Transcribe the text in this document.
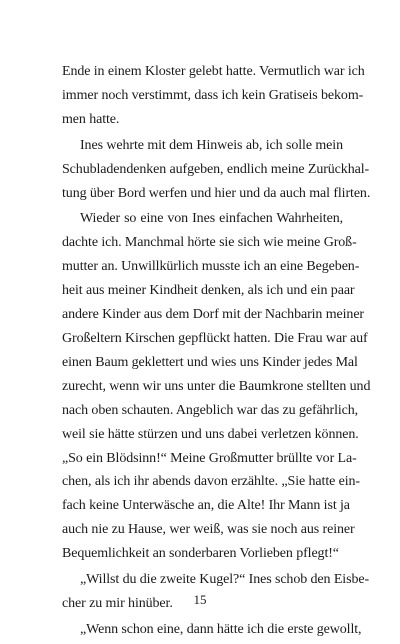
Ende in einem Kloster gelebt hatte. Vermutlich war ich
immer noch verstimmt, dass ich kein Gratiseis bekom-
men hatte.
Ines wehrte mit dem Hinweis ab, ich solle mein
Schubladendenken aufgeben, endlich meine Zurückhal-
tung über Bord werfen und hier und da auch mal flirten.
Wieder so eine von Ines einfachen Wahrheiten,
dachte ich. Manchmal hörte sie sich wie meine Groß-
mutter an. Unwillkürlich musste ich an eine Begeben-
heit aus meiner Kindheit denken, als ich und ein paar
andere Kinder aus dem Dorf mit der Nachbarin meiner
Großeltern Kirschen gepflückt hatten. Die Frau war auf
einen Baum geklettert und wies uns Kinder jedes Mal
zurecht, wenn wir uns unter die Baumkrone stellten und
nach oben schauten. Angeblich war das zu gefährlich,
weil sie hätte stürzen und uns dabei verletzen können.
„So ein Blödsinn!“ Meine Großmutter brüllte vor La-
chen, als ich ihr abends davon erzählte. „Sie hatte ein-
fach keine Unterwäsche an, die Alte! Ihr Mann ist ja
auch nie zu Hause, wer weiß, was sie noch aus reiner
Bequemlichkeit an sonderbaren Vorlieben pflegt!“
„Willst du die zweite Kugel?“ Ines schob den Eisbe-
cher zu mir hinüber.
„Wenn schon eine, dann hätte ich die erste gewollt,
15
